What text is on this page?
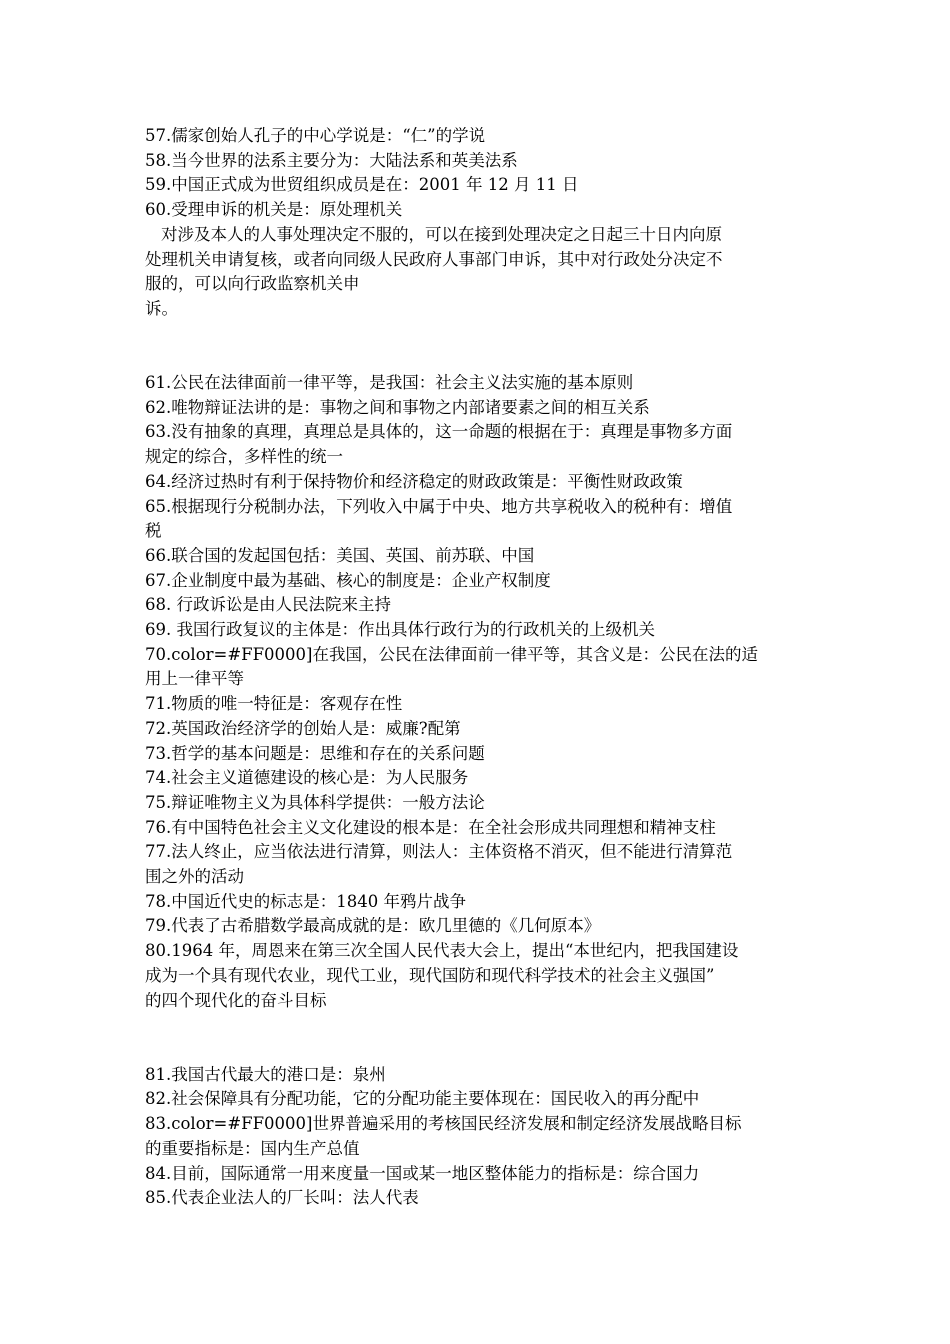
57.儒家创始人孔子的中心学说是：“仁”的学说

58.当今世界的法系主要分为：大陆法系和英美法系

59.中国正式成为世贸组织成员是在：2001 年 12 月 11 日

60.受理申诉的机关是：原处理机关

对涉及本人的人事处理决定不服的，可以在接到处理决定之日起三十日内向原

处理机关申请复核，或者向同级人民政府人事部门申诉，其中对行政处分决定不

服的，可以向行政监察机关申

诉。

61.公民在法律面前一律平等，是我国：社会主义法实施的基本原则

62.唯物辩证法讲的是：事物之间和事物之内部诸要素之间的相互关系

63.没有抽象的真理，真理总是具体的，这一命题的根据在于：真理是事物多方面

规定的综合，多样性的统一

64.经济过热时有利于保持物价和经济稳定的财政政策是：平衡性财政政策

65.根据现行分税制办法，下列收入中属于中央、地方共享税收入的税种有：增值

税

66.联合国的发起国包括：美国、英国、前苏联、中国

67.企业制度中最为基础、核心的制度是：企业产权制度

68. 行政诉讼是由人民法院来主持

69. 我国行政复议的主体是：作出具体行政行为的行政机关的上级机关

70.color=#FF0000]在我国，公民在法律面前一律平等，其含义是：公民在法的适

用上一律平等

71.物质的唯一特征是：客观存在性

72.英国政治经济学的创始人是：威廉?配第

73.哲学的基本问题是：思维和存在的关系问题

74.社会主义道德建设的核心是：为人民服务

75.辩证唯物主义为具体科学提供：一般方法论

76.有中国特色社会主义文化建设的根本是：在全社会形成共同理想和精神支柱

77.法人终止，应当依法进行清算，则法人：主体资格不消灭，但不能进行清算范

围之外的活动

78.中国近代史的标志是：1840 年鸦片战争

79.代表了古希腊数学最高成就的是：欧几里德的《几何原本》

80.1964 年，周恩来在第三次全国人民代表大会上，提出“本世纪内，把我国建设

成为一个具有现代农业，现代工业，现代国防和现代科学技术的社会主义强国”

的四个现代化的奋斗目标

81.我国古代最大的港口是：泉州

82.社会保障具有分配功能，它的分配功能主要体现在：国民收入的再分配中

83.color=#FF0000]世界普遍采用的考核国民经济发展和制定经济发展战略目标

的重要指标是：国内生产总值

84.目前，国际通常一用来度量一国或某一地区整体能力的指标是：综合国力

85.代表企业法人的厂长叫：法人代表
